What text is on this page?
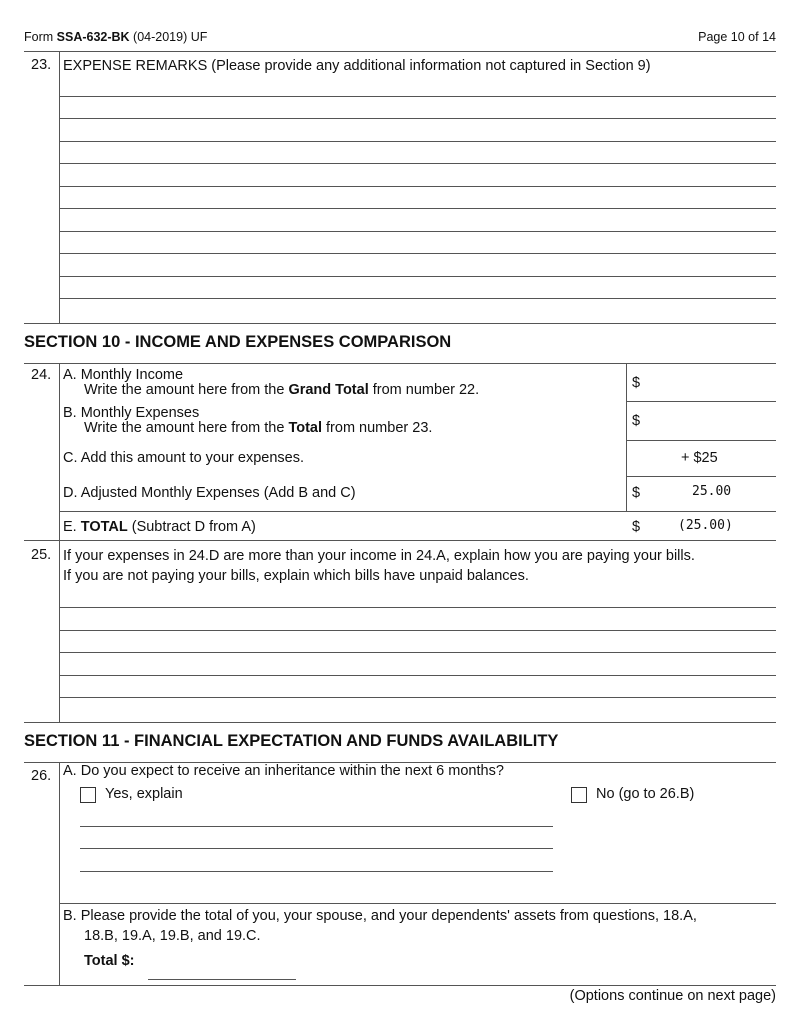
Form SSA-632-BK (04-2019) UF	Page 10 of 14
23. EXPENSE REMARKS (Please provide any additional information not captured in Section 9)
SECTION 10 - INCOME AND EXPENSES COMPARISON
24. A. Monthly Income
Write the amount here from the Grand Total from number 22.	$
B. Monthly Expenses
Write the amount here from the Total from number 23.	$
C. Add this amount to your expenses.	+ $25
D. Adjusted Monthly Expenses (Add B and C)	$	25.00
E. TOTAL (Subtract D from A)	$	(25.00)
25. If your expenses in 24.D are more than your income in 24.A, explain how you are paying your bills.
If you are not paying your bills, explain which bills have unpaid balances.
SECTION 11 - FINANCIAL EXPECTATION AND FUNDS AVAILABILITY
26. A. Do you expect to receive an inheritance within the next 6 months?
Yes, explain	No (go to 26.B)
B. Please provide the total of you, your spouse, and your dependents' assets from questions, 18.A,
18.B, 19.A, 19.B, and 19.C.
Total $:
(Options continue on next page)
